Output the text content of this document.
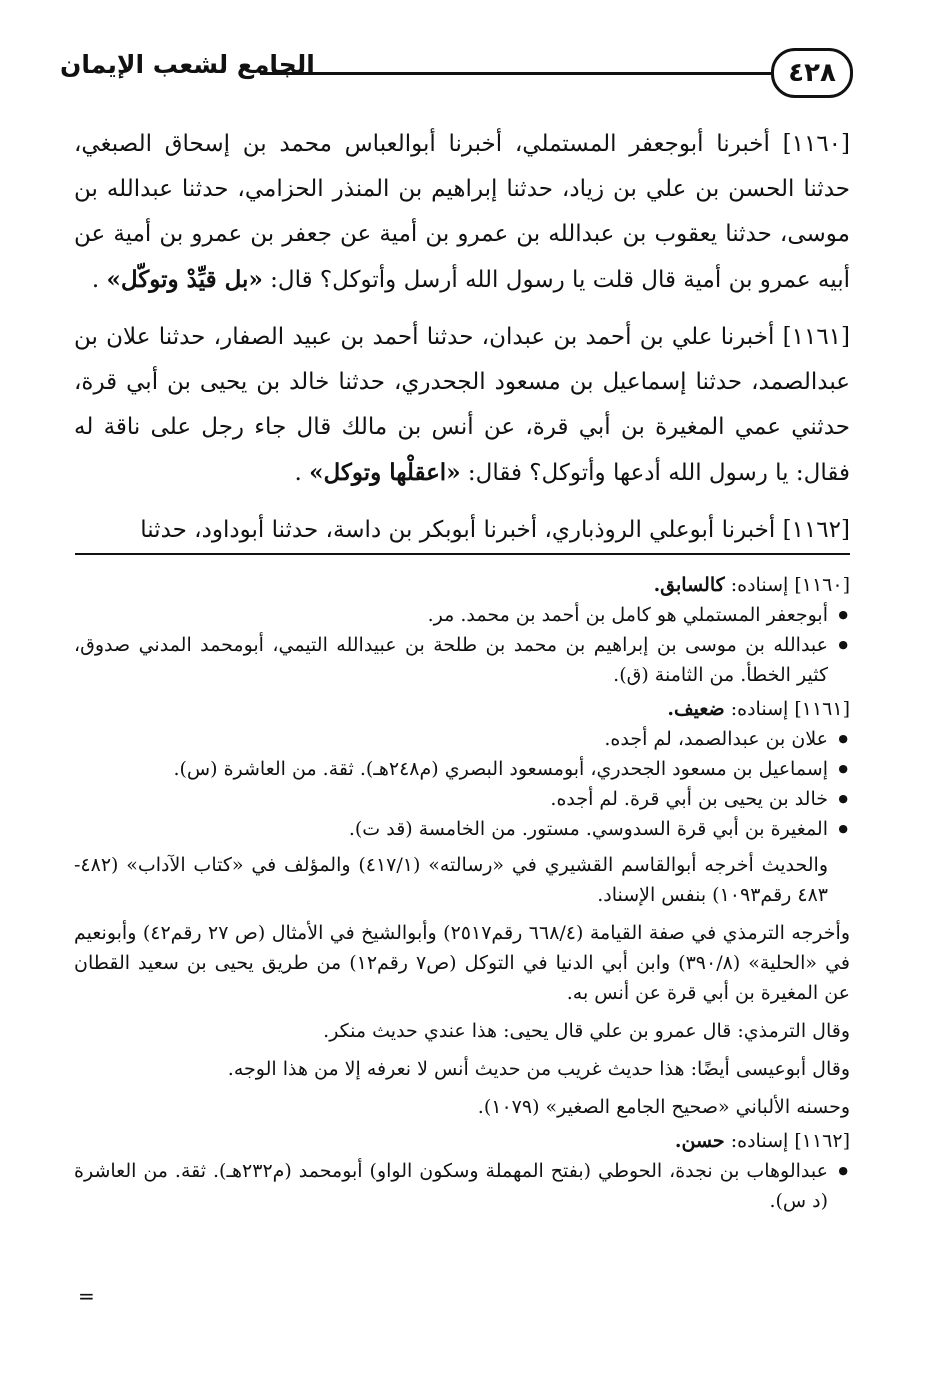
٤٢٨
الجامع لشعب الإيمان

[١١٦٠] أخبرنا أبوجعفر المستملي، أخبرنا أبوالعباس محمد بن إسحاق الصبغي، حدثنا الحسن بن علي بن زياد، حدثنا إبراهيم بن المنذر الحزامي، حدثنا عبدالله بن موسى، حدثنا يعقوب بن عبدالله بن عمرو بن أمية عن جعفر بن عمرو بن أمية عن أبيه عمرو بن أمية قال قلت يا رسول الله أرسل وأتوكل؟ قال: «بل قيِّدْ وتوكّل» .

[١١٦١] أخبرنا علي بن أحمد بن عبدان، حدثنا أحمد بن عبيد الصفار، حدثنا علان بن عبدالصمد، حدثنا إسماعيل بن مسعود الجحدري، حدثنا خالد بن يحيى بن أبي قرة، حدثني عمي المغيرة بن أبي قرة، عن أنس بن مالك قال جاء رجل على ناقة له فقال: يا رسول الله أدعها وأتوكل؟ فقال: «اعقلْها وتوكل» .

[١١٦٢] أخبرنا أبوعلي الروذباري، أخبرنا أبوبكر بن داسة، حدثنا أبوداود، حدثنا

[١١٦٠] إسناده: كالسابق.

● أبوجعفر المستملي هو كامل بن أحمد بن محمد. مر.

● عبدالله بن موسى بن إبراهيم بن محمد بن طلحة بن عبيدالله التيمي، أبومحمد المدني صدوق، كثير الخطأ. من الثامنة (ق).

[١١٦١] إسناده: ضعيف.

● علان بن عبدالصمد، لم أجده.

● إسماعيل بن مسعود الجحدري، أبومسعود البصري (م٢٤٨هـ). ثقة. من العاشرة (س).

● خالد بن يحيى بن أبي قرة. لم أجده.

● المغيرة بن أبي قرة السدوسي. مستور. من الخامسة (قد ت).

والحديث أخرجه أبوالقاسم القشيري في «رسالته» (٤١٧/١) والمؤلف في «كتاب الآداب» (٤٨٢- ٤٨٣ رقم١٠٩٣) بنفس الإسناد.

وأخرجه الترمذي في صفة القيامة (٦٦٨/٤ رقم٢٥١٧) وأبوالشيخ في الأمثال (ص ٢٧ رقم٤٢) وأبونعيم في «الحلية» (٣٩٠/٨) وابن أبي الدنيا في التوكل (ص٧ رقم١٢) من طريق يحيى بن سعيد القطان عن المغيرة بن أبي قرة عن أنس به.

وقال الترمذي: قال عمرو بن علي قال يحيى: هذا عندي حديث منكر.

وقال أبوعيسى أيضًا: هذا حديث غريب من حديث أنس لا نعرفه إلا من هذا الوجه.

وحسنه الألباني «صحيح الجامع الصغير» (١٠٧٩).

[١١٦٢] إسناده: حسن.

● عبدالوهاب بن نجدة، الحوطي (بفتح المهملة وسكون الواو) أبومحمد (م٢٣٢هـ). ثقة. من العاشرة (د س).

=
